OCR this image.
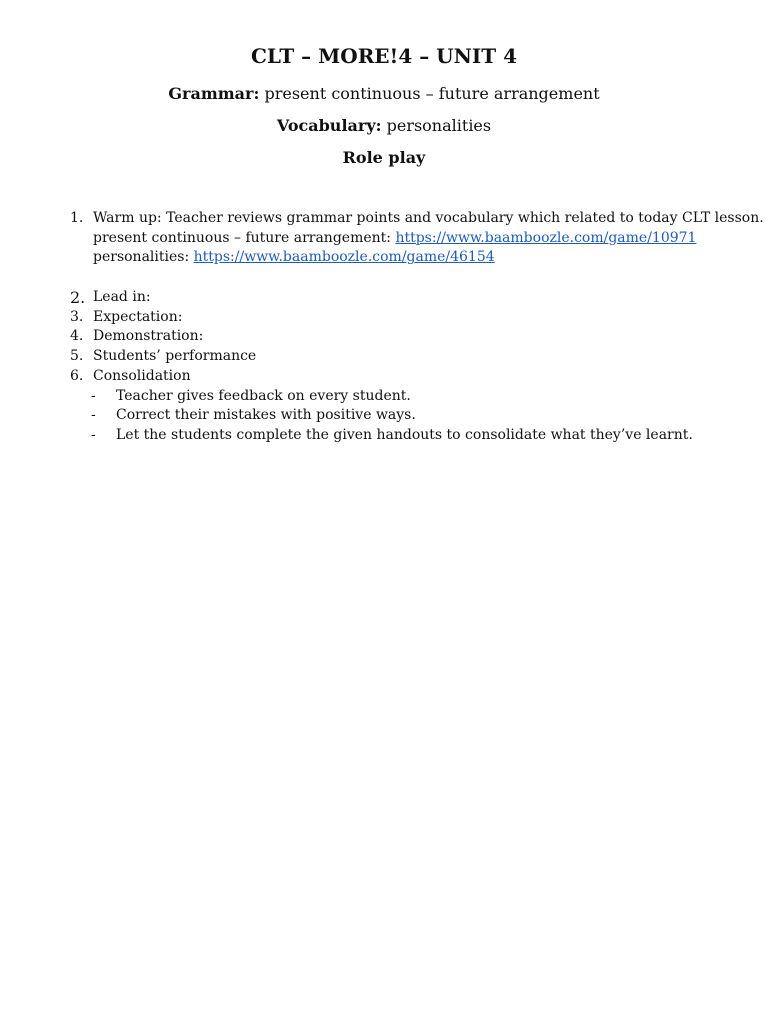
CLT – MORE!4 – UNIT 4

Grammar: present continuous – future arrangement

Vocabulary: personalities

Role play

1. Warm up: Teacher reviews grammar points and vocabulary which related to today CLT lesson.
present continuous – future arrangement: https://www.baamboozle.com/game/10971
personalities: https://www.baamboozle.com/game/46154
2. Lead in:
3. Expectation:
4. Demonstration:
5. Students’ performance
6. Consolidation
- Teacher gives feedback on every student.
- Correct their mistakes with positive ways.
- Let the students complete the given handouts to consolidate what they’ve learnt.
